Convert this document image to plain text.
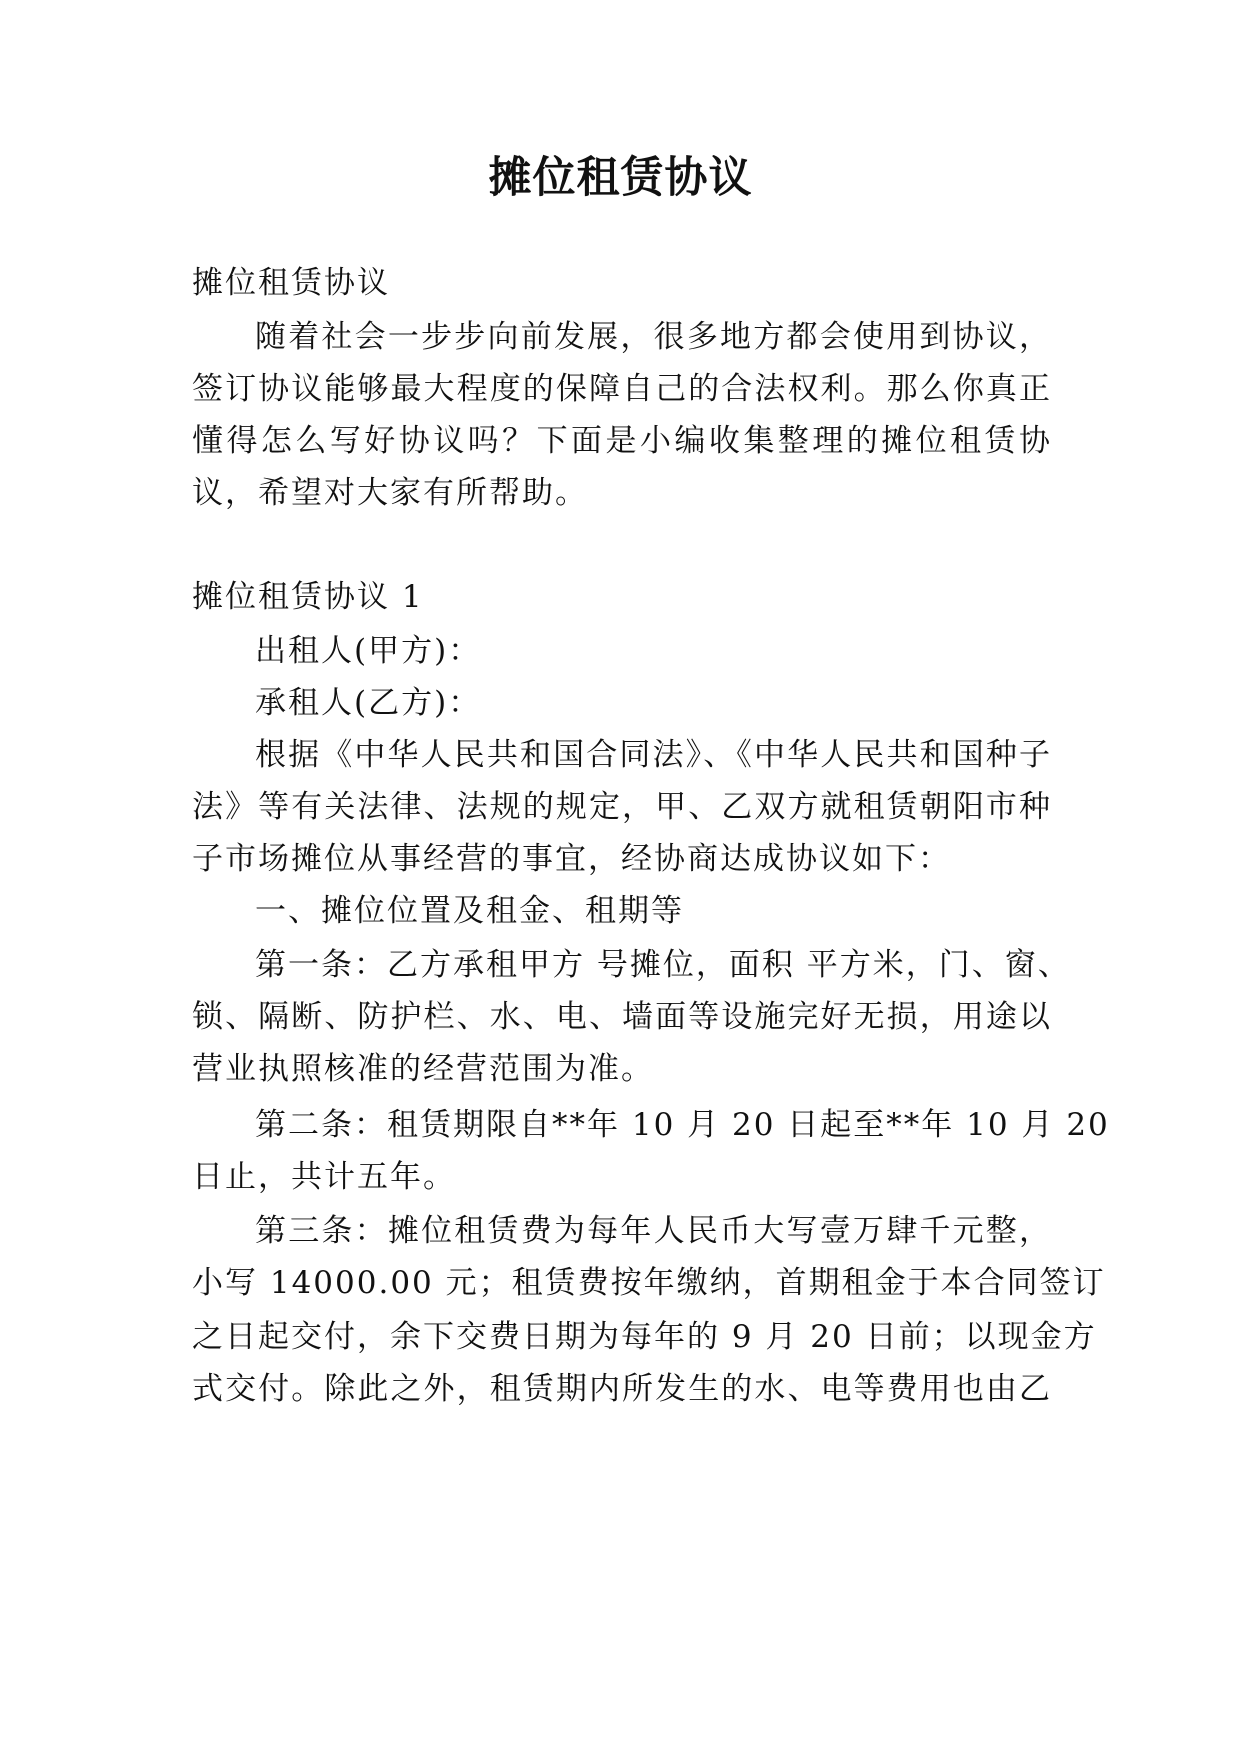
摊位租赁协议

摊位租赁协议

随着社会一步步向前发展，很多地方都会使用到协议，

签订协议能够最大程度的保障自己的合法权利。那么你真正

懂得怎么写好协议吗？下面是小编收集整理的摊位租赁协

议，希望对大家有所帮助。

摊位租赁协议 1

出租人(甲方)：

承租人(乙方)：

根据《中华人民共和国合同法》、《中华人民共和国种子

法》等有关法律、法规的规定，甲、乙双方就租赁朝阳市种

子市场摊位从事经营的事宜，经协商达成协议如下：

一、摊位位置及租金、租期等

第一条：乙方承租甲方 号摊位，面积 平方米，门、窗、

锁、隔断、防护栏、水、电、墙面等设施完好无损，用途以

营业执照核准的经营范围为准。

第二条：租赁期限自**年 10 月 20 日起至**年 10 月 20

日止，共计五年。

第三条：摊位租赁费为每年人民币大写壹万肆千元整，

小写 14000.00 元；租赁费按年缴纳，首期租金于本合同签订

之日起交付，余下交费日期为每年的 9 月 20 日前；以现金方

式交付。除此之外，租赁期内所发生的水、电等费用也由乙
